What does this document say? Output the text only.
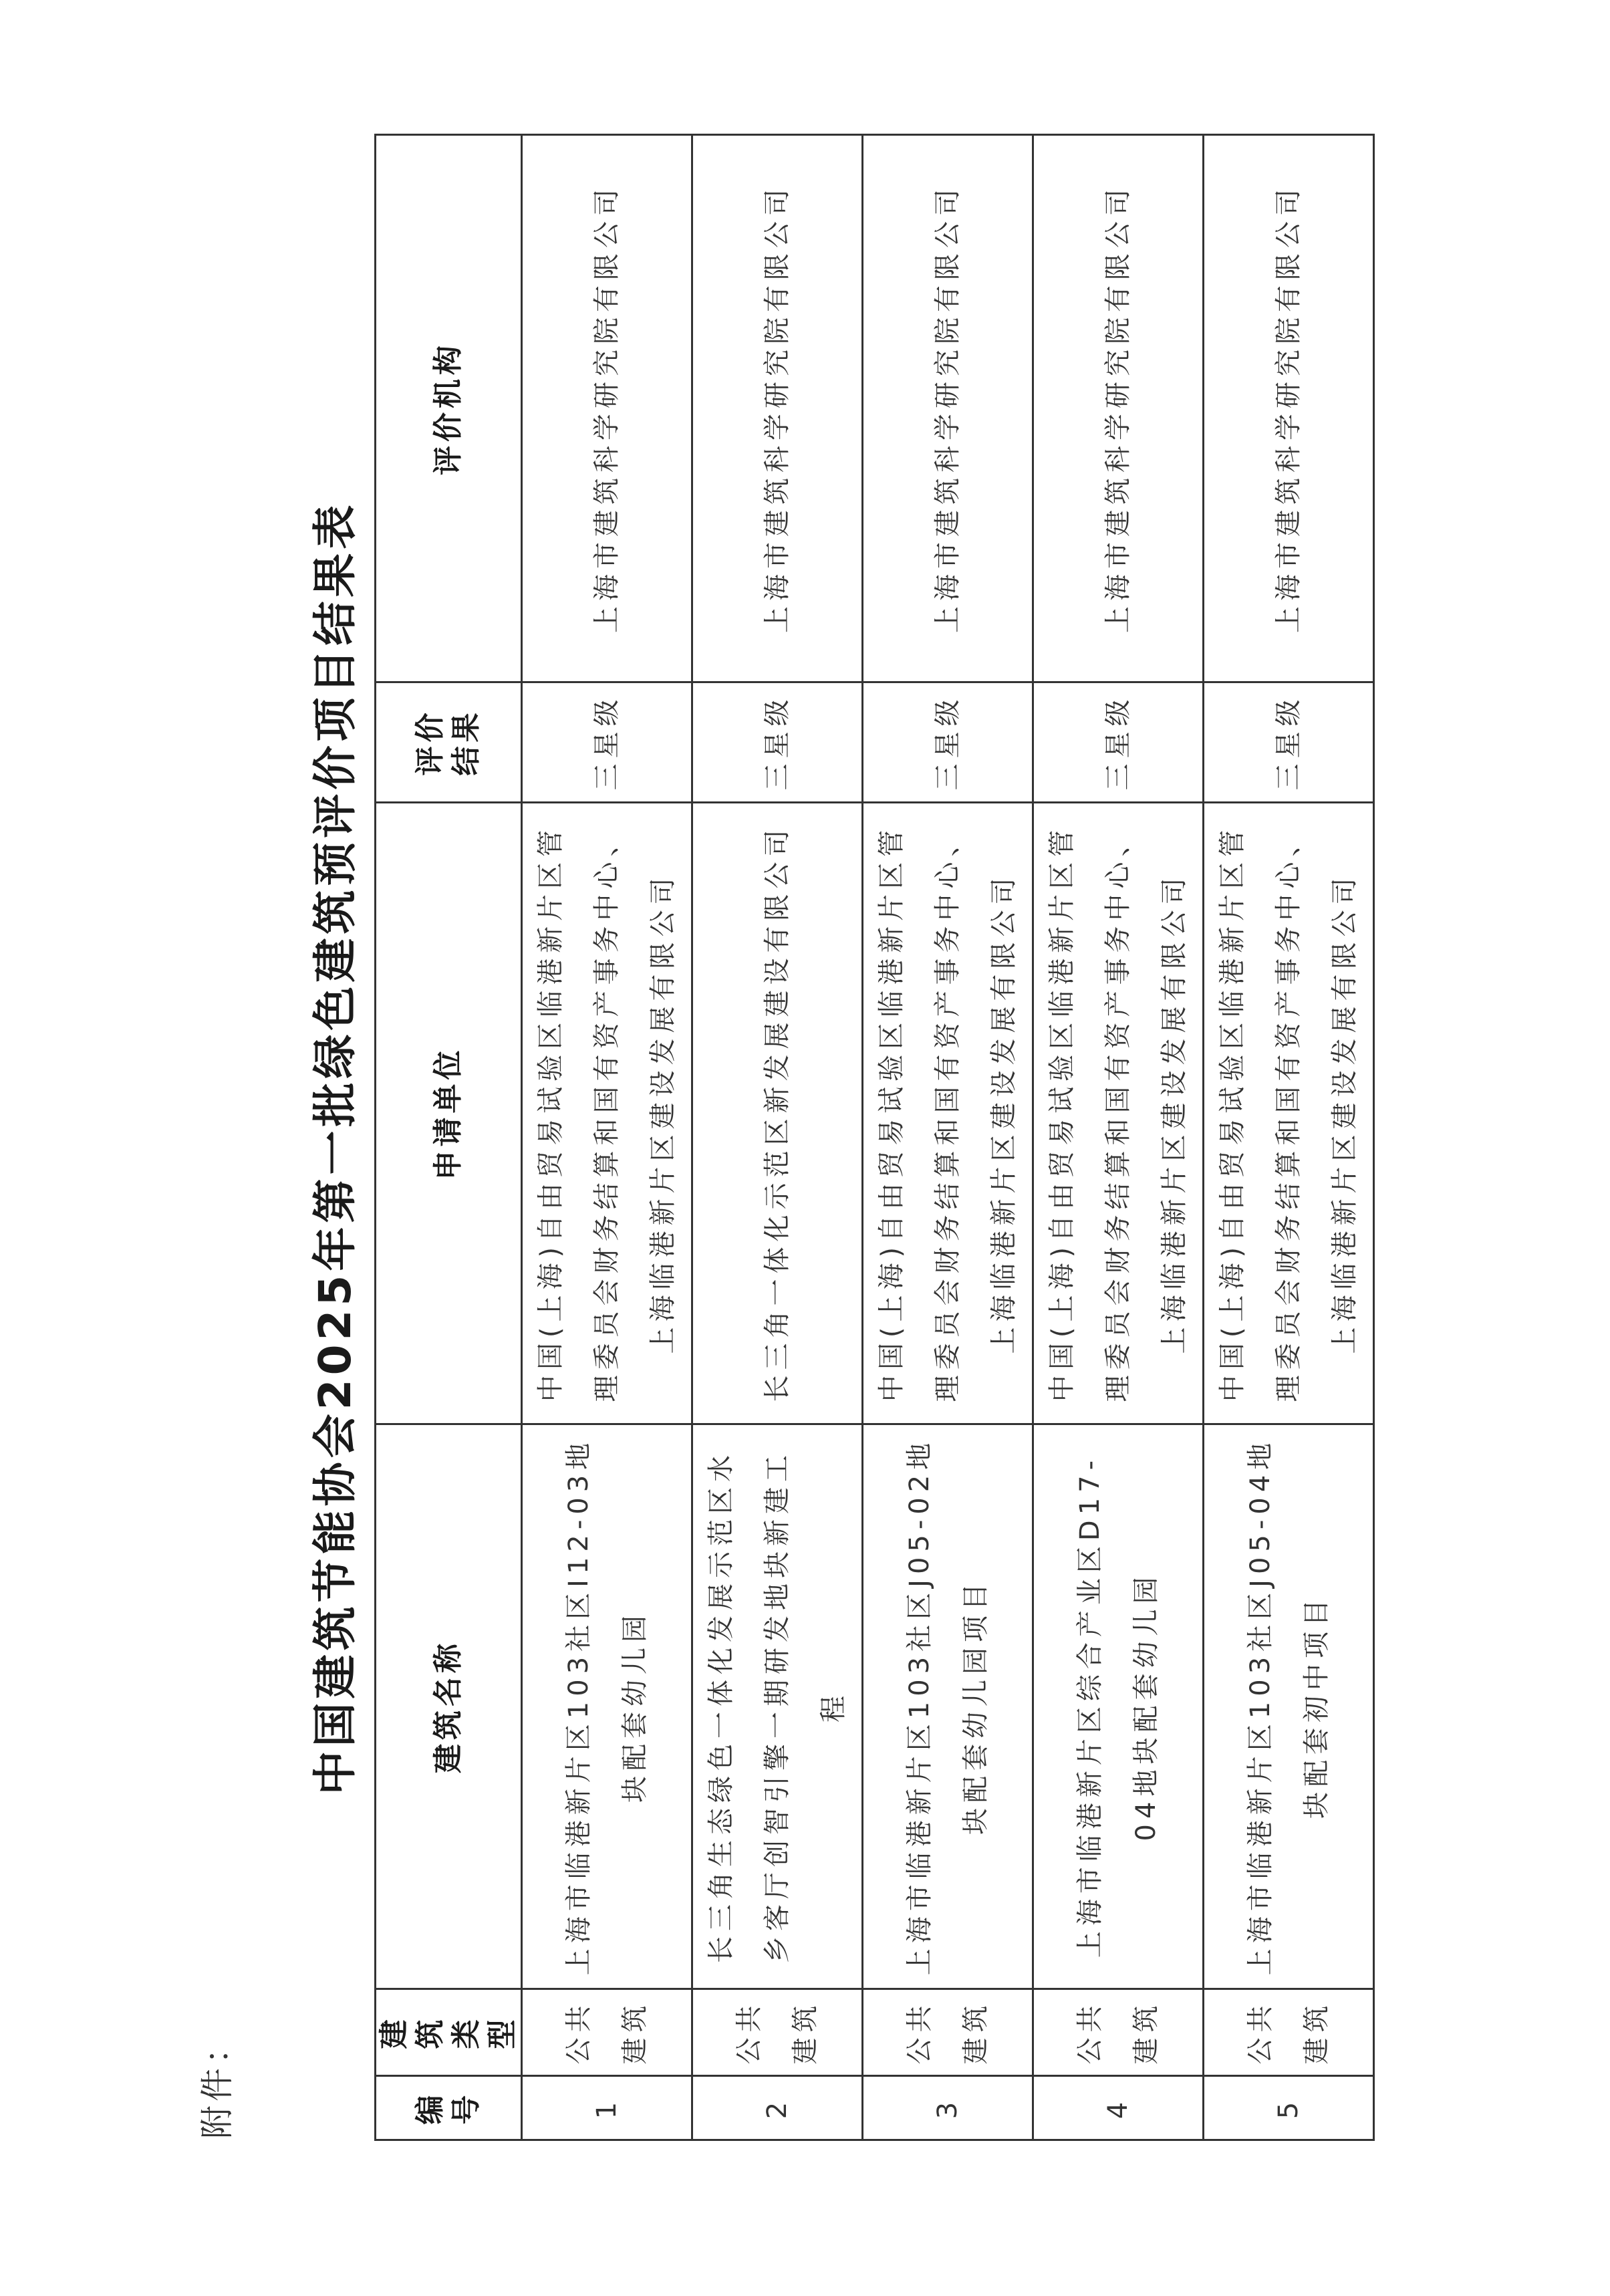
附件：
中国建筑节能协会2025年第一批绿色建筑预评价项目结果表
编号	建筑类型	建筑名称	申请单位	评价结果	评价机构
1	公共建筑	上海市临港新片区103社区I12-03地块配套幼儿园	中国(上海)自由贸易试验区临港新片区管理委员会财务结算和国有资产事务中心、上海临港新片区建设发展有限公司	三星级	上海市建筑科学研究院有限公司
2	公共建筑	长三角生态绿色一体化发展示范区水乡客厅创智引擎一期研发地块新建工程	长三角一体化示范区新发展建设有限公司	三星级	上海市建筑科学研究院有限公司
3	公共建筑	上海市临港新片区103社区J05-02地块配套幼儿园项目	中国(上海)自由贸易试验区临港新片区管理委员会财务结算和国有资产事务中心、上海临港新片区建设发展有限公司	三星级	上海市建筑科学研究院有限公司
4	公共建筑	上海市临港新片区综合产业区D17-04地块配套幼儿园	中国(上海)自由贸易试验区临港新片区管理委员会财务结算和国有资产事务中心、上海临港新片区建设发展有限公司	三星级	上海市建筑科学研究院有限公司
5	公共建筑	上海市临港新片区103社区J05-04地块配套初中项目	中国(上海)自由贸易试验区临港新片区管理委员会财务结算和国有资产事务中心、上海临港新片区建设发展有限公司	三星级	上海市建筑科学研究院有限公司
